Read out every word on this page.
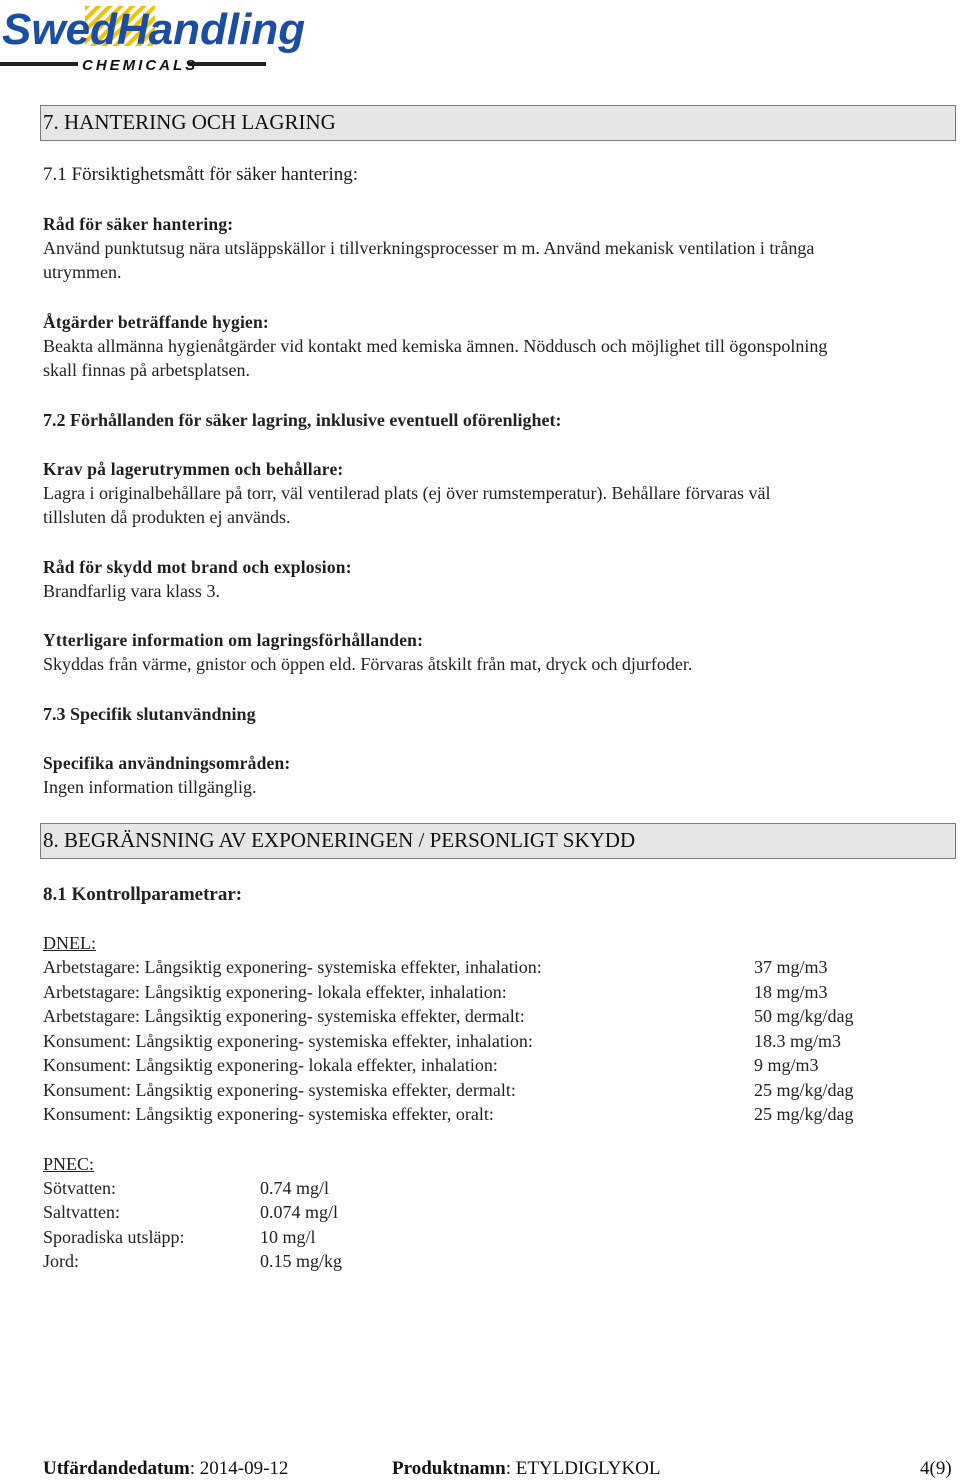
SwedHandling
CHEMICALS
7. HANTERING OCH LAGRING
7.1 Försiktighetsmått för säker hantering:
Råd för säker hantering:
Använd punktutsug nära utsläppskällor i tillverkningsprocesser m m. Använd mekanisk ventilation i trånga
utrymmen.
Åtgärder beträffande hygien:
Beakta allmänna hygienåtgärder vid kontakt med kemiska ämnen. Nöddusch och möjlighet till ögonspolning
skall finnas på arbetsplatsen.
7.2 Förhållanden för säker lagring, inklusive eventuell oförenlighet:
Krav på lagerutrymmen och behållare:
Lagra i originalbehållare på torr, väl ventilerad plats (ej över rumstemperatur). Behållare förvaras väl
tillsluten då produkten ej används.
Råd för skydd mot brand och explosion:
Brandfarlig vara klass 3.
Ytterligare information om lagringsförhållanden:
Skyddas från värme, gnistor och öppen eld. Förvaras åtskilt från mat, dryck och djurfoder.
7.3 Specifik slutanvändning
Specifika användningsområden:
Ingen information tillgänglig.
8. BEGRÄNSNING AV EXPONERINGEN / PERSONLIGT SKYDD
8.1 Kontrollparametrar:
DNEL:
Arbetstagare: Långsiktig exponering- systemiska effekter, inhalation:	37 mg/m3
Arbetstagare: Långsiktig exponering- lokala effekter, inhalation:	18 mg/m3
Arbetstagare: Långsiktig exponering- systemiska effekter, dermalt:	50 mg/kg/dag
Konsument: Långsiktig exponering- systemiska effekter, inhalation:	18.3 mg/m3
Konsument: Långsiktig exponering- lokala effekter, inhalation:	9 mg/m3
Konsument: Långsiktig exponering- systemiska effekter, dermalt:	25 mg/kg/dag
Konsument: Långsiktig exponering- systemiska effekter, oralt:	25 mg/kg/dag
PNEC:
Sötvatten:	0.74 mg/l
Saltvatten:	0.074 mg/l
Sporadiska utsläpp:	10 mg/l
Jord:	0.15 mg/kg
Utfärdandedatum: 2014-09-12	Produktnamn: ETYLDIGLYKOL	4(9)
